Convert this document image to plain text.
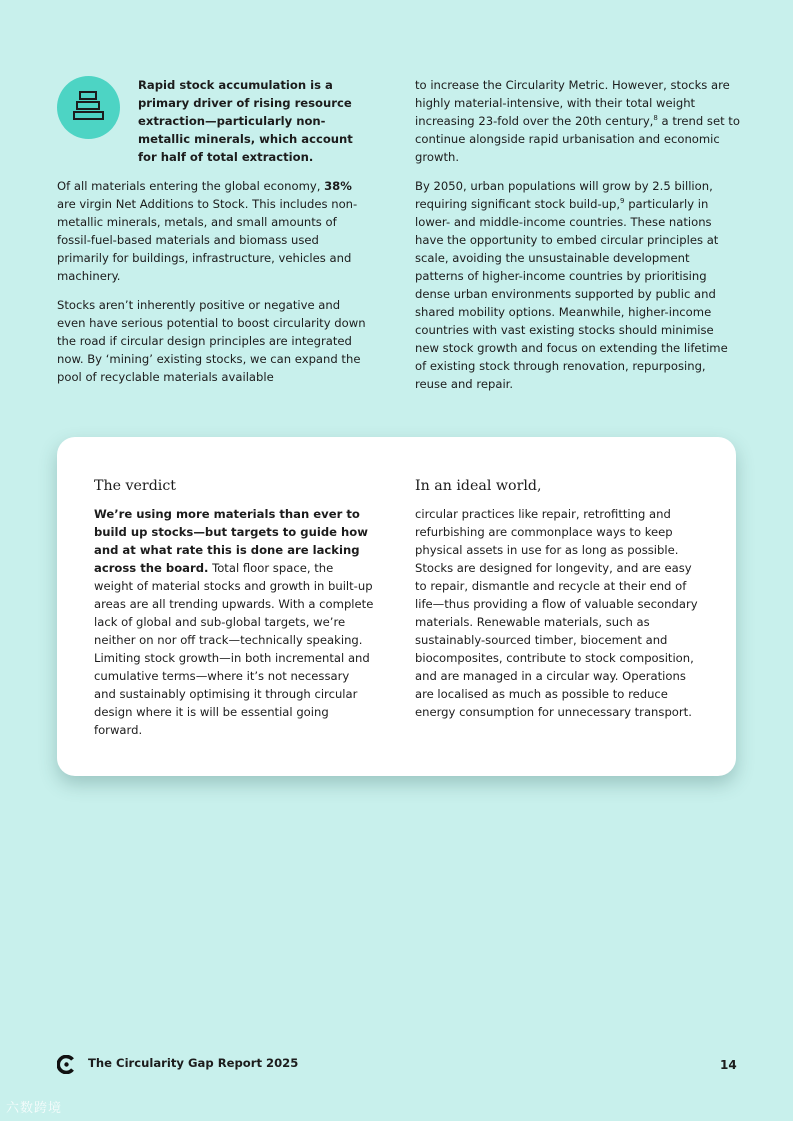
Rapid stock accumulation is a primary driver of rising resource extraction—particularly non-metallic minerals, which account for half of total extraction.

Of all materials entering the global economy, 38% are virgin Net Additions to Stock. This includes non-metallic minerals, metals, and small amounts of fossil-fuel-based materials and biomass used primarily for buildings, infrastructure, vehicles and machinery.

Stocks aren’t inherently positive or negative and even have serious potential to boost circularity down the road if circular design principles are integrated now. By ‘mining’ existing stocks, we can expand the pool of recyclable materials available

to increase the Circularity Metric. However, stocks are highly material-intensive, with their total weight increasing 23-fold over the 20th century,$^8$ a trend set to continue alongside rapid urbanisation and economic growth.

By 2050, urban populations will grow by 2.5 billion, requiring significant stock build-up,$^9$ particularly in lower- and middle-income countries. These nations have the opportunity to embed circular principles at scale, avoiding the unsustainable development patterns of higher-income countries by prioritising dense urban environments supported by public and shared mobility options. Meanwhile, higher-income countries with vast existing stocks should minimise new stock growth and focus on extending the lifetime of existing stock through renovation, repurposing, reuse and repair.

The verdict
We’re using more materials than ever to build up stocks—but targets to guide how and at what rate this is done are lacking across the board. Total floor space, the weight of material stocks and growth in built-up areas are all trending upwards. With a complete lack of global and sub-global targets, we’re neither on nor off track—technically speaking. Limiting stock growth—in both incremental and cumulative terms—where it’s not necessary and sustainably optimising it through circular design where it is will be essential going forward.
In an ideal world,
circular practices like repair, retrofitting and refurbishing are commonplace ways to keep physical assets in use for as long as possible. Stocks are designed for longevity, and are easy to repair, dismantle and recycle at their end of life—thus providing a flow of valuable secondary materials. Renewable materials, such as sustainably-sourced timber, biocement and biocomposites, contribute to stock composition, and are managed in a circular way. Operations are localised as much as possible to reduce energy consumption for unnecessary transport.
The Circularity Gap Report 2025	14
六数跨境
